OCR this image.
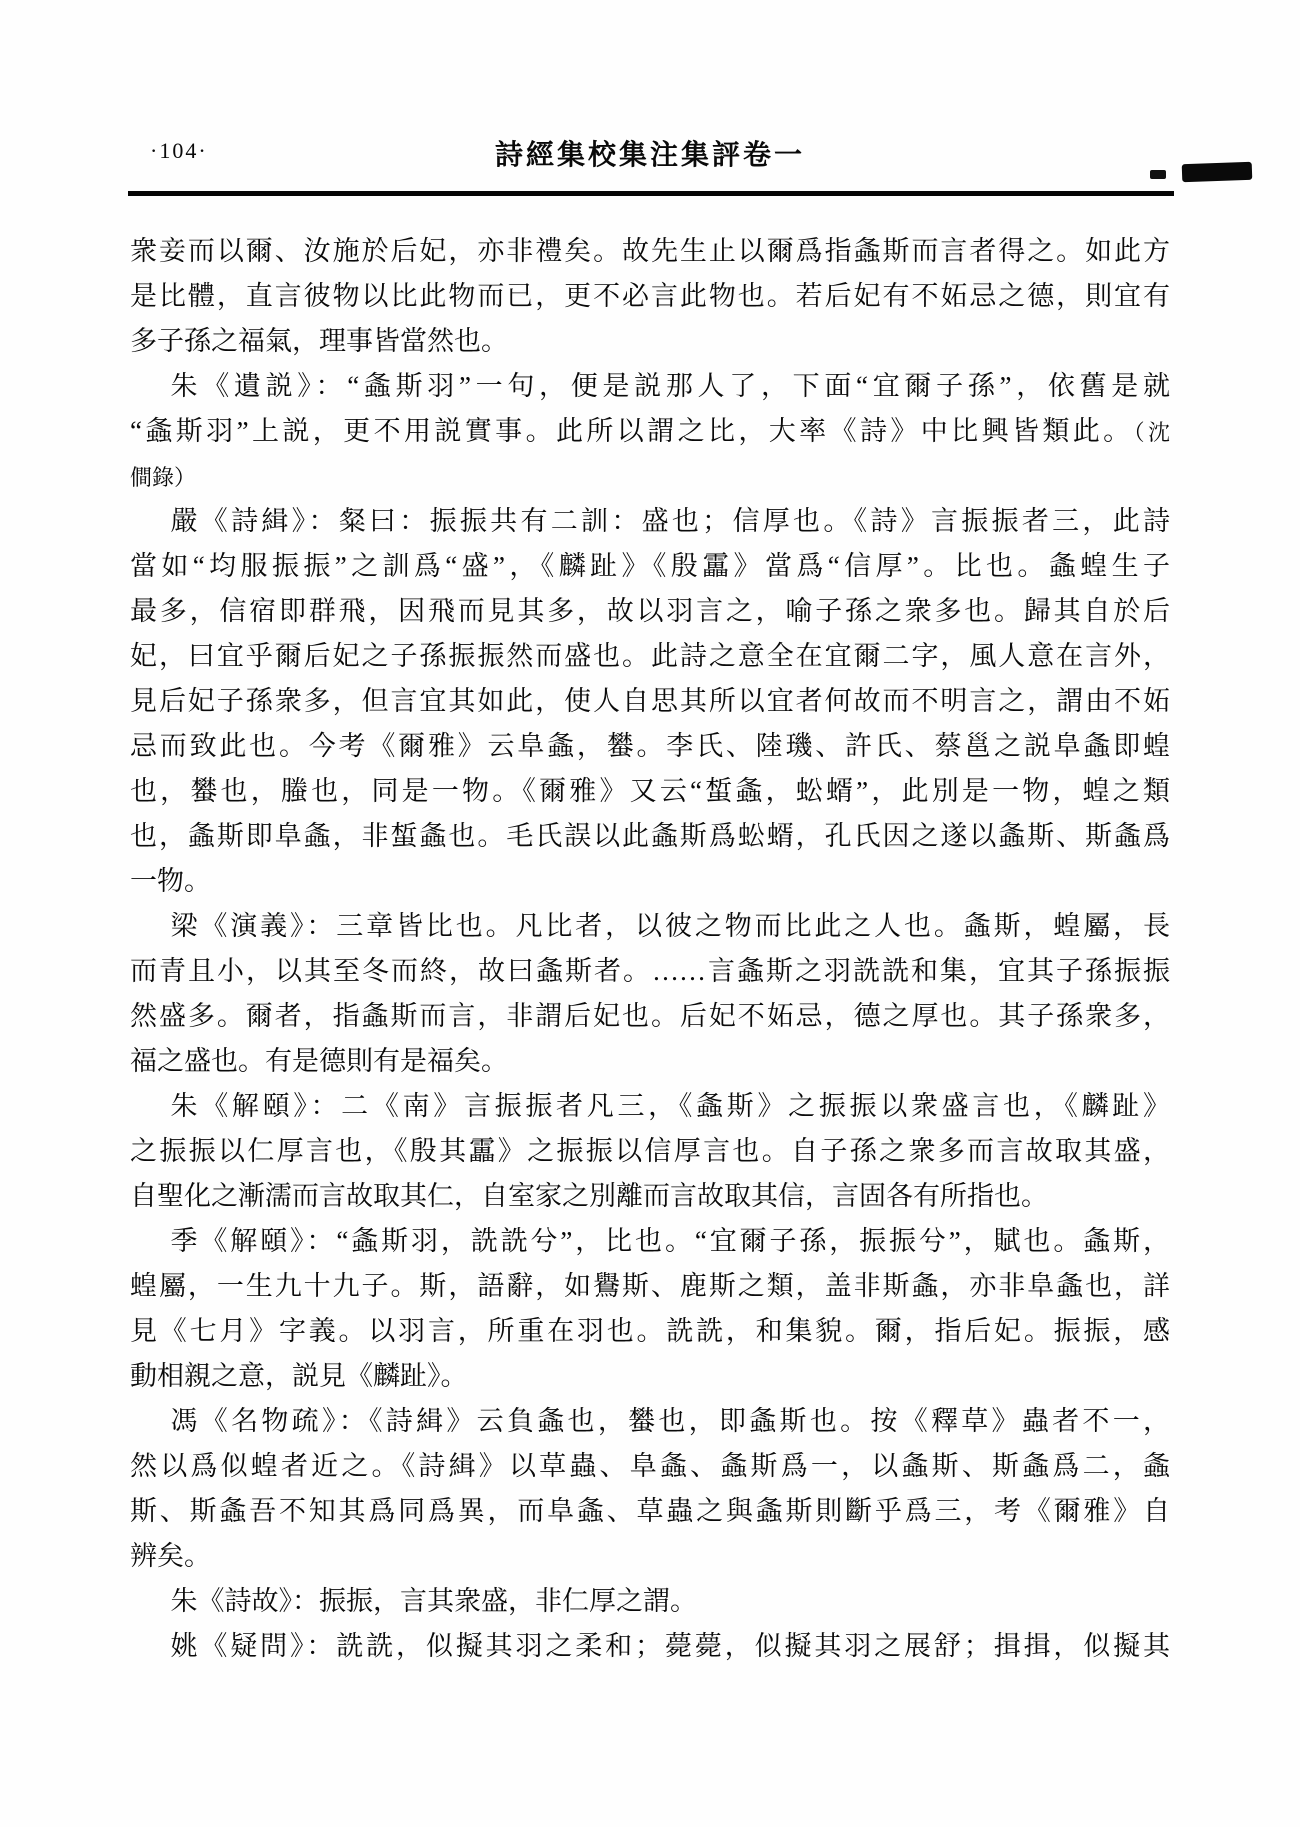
·104·	詩經集校集注集評卷一
衆妾而以爾、汝施於后妃，亦非禮矣。故先生止以爾爲指螽斯而言者得之。如此方
是比體，直言彼物以比此物而已，更不必言此物也。若后妃有不妬忌之德，則宜有
多子孫之福氣，理事皆當然也。
朱《遺説》：“螽斯羽”一句，便是説那人了，下面“宜爾子孫”，依舊是就
“螽斯羽”上説，更不用説實事。此所以謂之比，大率《詩》中比興皆類此。（沈
僴錄）
嚴《詩緝》：粲曰：振振共有二訓：盛也；信厚也。《詩》言振振者三，此詩
當如“均服振振”之訓爲“盛”，《麟趾》《殷靁》當爲“信厚”。比也。螽蝗生子
最多，信宿即群飛，因飛而見其多，故以羽言之，喻子孫之衆多也。歸其自於后
妃，曰宜乎爾后妃之子孫振振然而盛也。此詩之意全在宜爾二字，風人意在言外，
見后妃子孫衆多，但言宜其如此，使人自思其所以宜者何故而不明言之，謂由不妬
忌而致此也。今考《爾雅》云阜螽，蠜。李氏、陸璣、許氏、蔡邕之説阜螽即蝗
也，蠜也，螣也，同是一物。《爾雅》又云“蜤螽，蚣蝑”，此別是一物，蝗之類
也，螽斯即阜螽，非蜤螽也。毛氏誤以此螽斯爲蚣蝑，孔氏因之遂以螽斯、斯螽爲
一物。
梁《演義》：三章皆比也。凡比者，以彼之物而比此之人也。螽斯，蝗屬，長
而青且小，以其至冬而終，故曰螽斯者。……言螽斯之羽詵詵和集，宜其子孫振振
然盛多。爾者，指螽斯而言，非謂后妃也。后妃不妬忌，德之厚也。其子孫衆多，
福之盛也。有是德則有是福矣。
朱《解頤》：二《南》言振振者凡三，《螽斯》之振振以衆盛言也，《麟趾》
之振振以仁厚言也，《殷其靁》之振振以信厚言也。自子孫之衆多而言故取其盛，
自聖化之漸濡而言故取其仁，自室家之別離而言故取其信，言固各有所指也。
季《解頤》：“螽斯羽，詵詵兮”，比也。“宜爾子孫，振振兮”，賦也。螽斯，
蝗屬，一生九十九子。斯，語辭，如鸒斯、鹿斯之類，盖非斯螽，亦非阜螽也，詳
見《七月》字義。以羽言，所重在羽也。詵詵，和集貌。爾，指后妃。振振，感
動相親之意，説見《麟趾》。
馮《名物疏》：《詩緝》云負螽也，蠜也，即螽斯也。按《釋草》蟲者不一，
然以爲似蝗者近之。《詩緝》以草蟲、阜螽、螽斯爲一，以螽斯、斯螽爲二，螽
斯、斯螽吾不知其爲同爲異，而阜螽、草蟲之與螽斯則斷乎爲三，考《爾雅》自
辨矣。
朱《詩故》：振振，言其衆盛，非仁厚之謂。
姚《疑問》：詵詵，似擬其羽之柔和；薨薨，似擬其羽之展舒；揖揖，似擬其
